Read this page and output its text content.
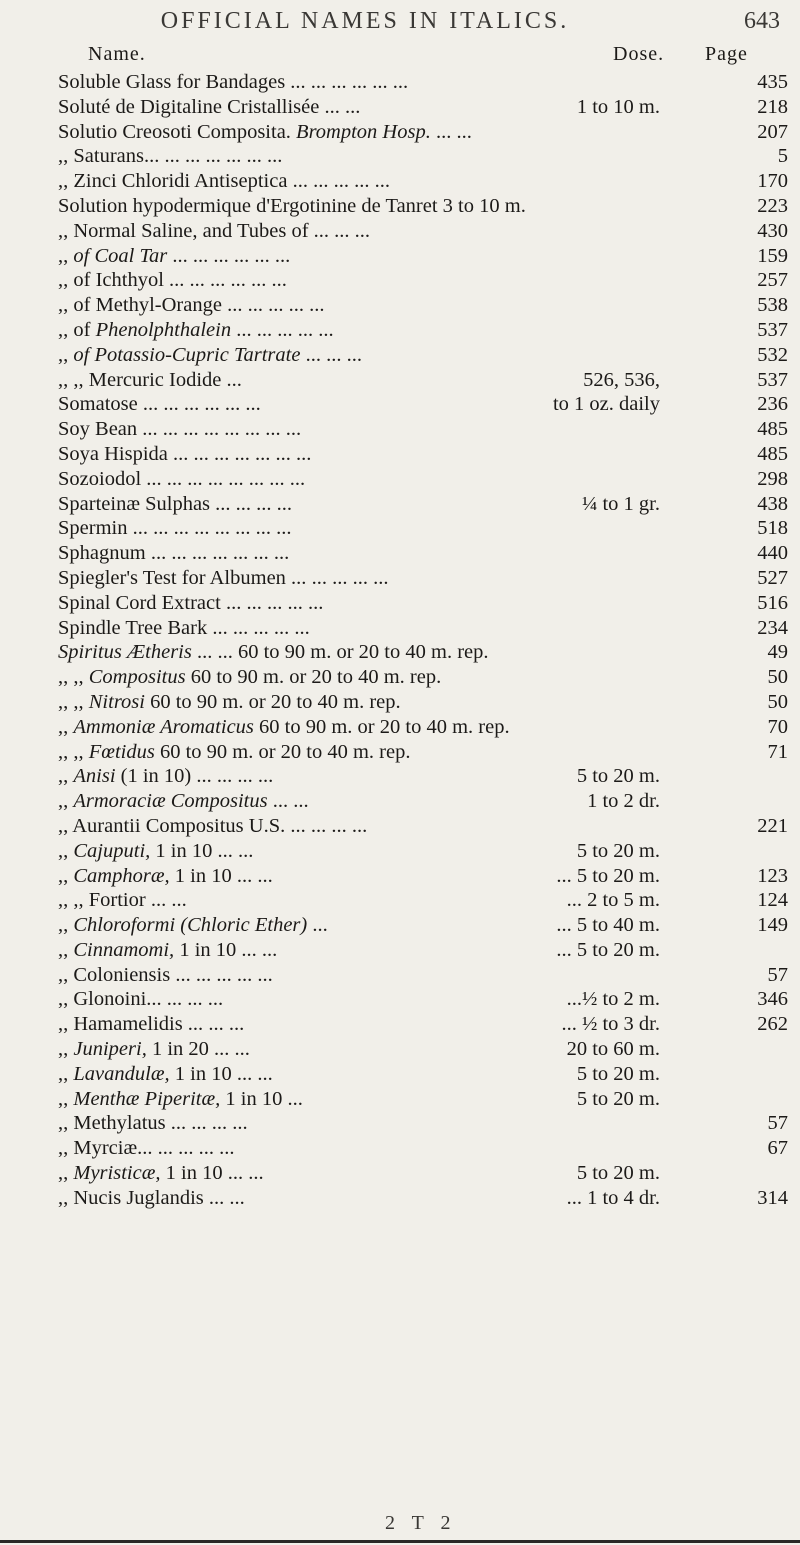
OFFICIAL NAMES IN ITALICS.	643
Name.	Dose. Page
Soluble Glass for Bandages ... ... ... ... ... ...	435
Soluté de Digitaline Cristallisée ... ...	1 to 10 m.	218
Solutio Creosoti Composita. Brompton Hosp. ... ...	207
,, Saturans... ... ... ... ... ... ...	5
,, Zinci Chloridi Antiseptica ... ... ... ... ...	170
Solution hypodermique d'Ergotinine de Tanret 3 to 10 m.	223
,, Normal Saline, and Tubes of ... ... ...	430
,, of Coal Tar ... ... ... ... ... ...	159
,, of Ichthyol ... ... ... ... ... ...	257
,, of Methyl-Orange ... ... ... ... ...	538
,, of Phenolphthalein ... ... ... ... ...	537
,, of Potassio-Cupric Tartrate ... ... ...	532
,, ,, Mercuric Iodide ...	526, 536,	537
Somatose ... ... ... ... ... ...	to 1 oz. daily	236
Soy Bean ... ... ... ... ... ... ... ...	485
Soya Hispida ... ... ... ... ... ... ...	485
Sozoiodol ... ... ... ... ... ... ... ...	298
Sparteinæ Sulphas ... ... ... ...	¼ to 1 gr.	438
Spermin ... ... ... ... ... ... ... ...	518
Sphagnum ... ... ... ... ... ... ...	440
Spiegler's Test for Albumen ... ... ... ... ...	527
Spinal Cord Extract ... ... ... ... ...	516
Spindle Tree Bark ... ... ... ... ...	234
Spiritus Ætheris ... ... 60 to 90 m. or 20 to 40 m. rep.	49
,, ,, Compositus 60 to 90 m. or 20 to 40 m. rep.	50
,, ,, Nitrosi 60 to 90 m. or 20 to 40 m. rep.	50
,, Ammoniæ Aromaticus 60 to 90 m. or 20 to 40 m. rep.	70
,, ,, Fœtidus 60 to 90 m. or 20 to 40 m. rep.	71
,, Anisi (1 in 10) ... ... ... ...	5 to 20 m.
,, Armoraciæ Compositus ... ...	1 to 2 dr.
,, Aurantii Compositus U.S. ... ... ... ...	221
,, Cajuputi, 1 in 10 ... ...	5 to 20 m.
,, Camphoræ, 1 in 10 ... ...	... 5 to 20 m.	123
,, ,, Fortior ... ...	... 2 to 5 m.	124
,, Chloroformi (Chloric Ether) ...	... 5 to 40 m.	149
,, Cinnamomi, 1 in 10 ... ...	... 5 to 20 m.
,, Coloniensis ... ... ... ... ...	57
,, Glonoini... ... ... ...	...½ to 2 m.	346
,, Hamamelidis ... ... ...	... ½ to 3 dr.	262
,, Juniperi, 1 in 20 ... ...	20 to 60 m.
,, Lavandulæ, 1 in 10 ... ...	5 to 20 m.
,, Menthæ Piperitæ, 1 in 10 ...	5 to 20 m.
,, Methylatus ... ... ... ...	57
,, Myrciæ... ... ... ... ...	67
,, Myristicæ, 1 in 10 ... ...	5 to 20 m.
,, Nucis Juglandis ... ...	... 1 to 4 dr.	314
2 T 2
